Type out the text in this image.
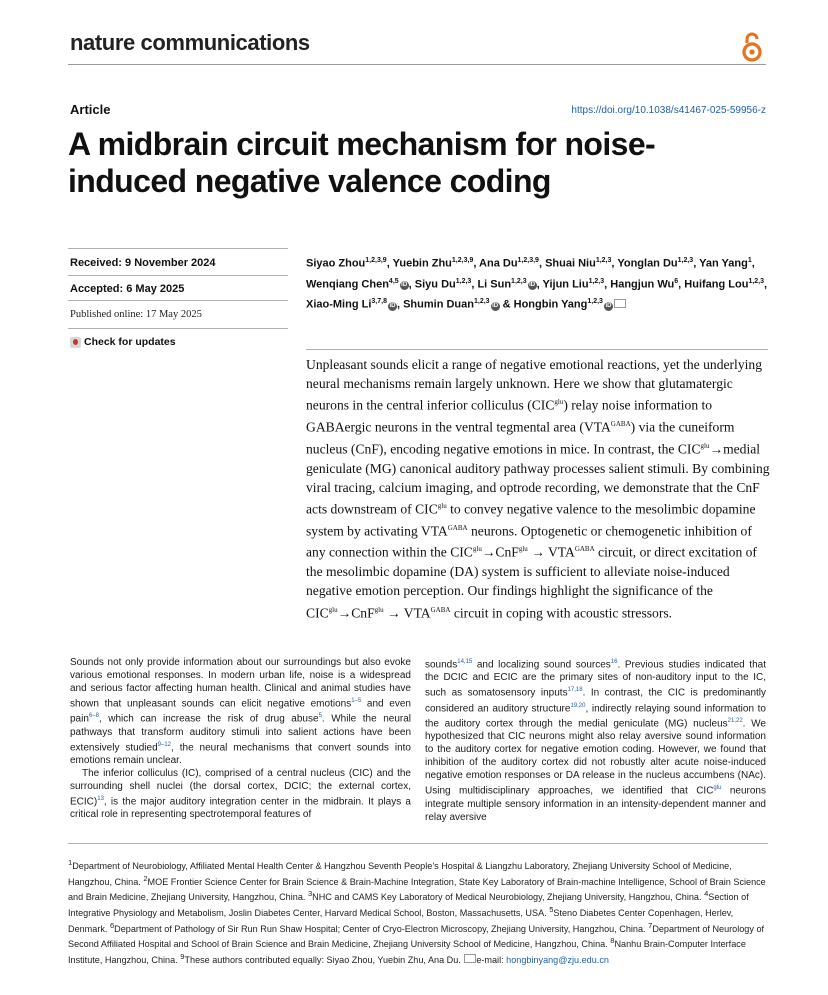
nature communications
Article	https://doi.org/10.1038/s41467-025-59956-z
A midbrain circuit mechanism for noise-induced negative valence coding
Received: 9 November 2024
Accepted: 6 May 2025
Published online: 17 May 2025
Check for updates
Siyao Zhou$^{1,2,3,9}$, Yuebin Zhu$^{1,2,3,9}$, Ana Du$^{1,2,3,9}$, Shuai Niu$^{1,2,3}$, Yonglan Du$^{1,2,3}$, Yan Yang$^1$, Wenqiang Chen$^{4,5}$iD , Siyu Du$^{1,2,3}$, Li Sun$^{1,2,3}$iD , Yijun Liu$^{1,2,3}$, Hangjun Wu$^6$, Huifang Lou$^{1,2,3}$, Xiao-Ming Li$^{3,7,8}$iD , Shumin Duan$^{1,2,3}$iD & Hongbin Yang$^{1,2,3}$iD
Unpleasant sounds elicit a range of negative emotional reactions, yet the underlying neural mechanisms remain largely unknown. Here we show that glutamatergic neurons in the central inferior colliculus $(CIC^{glu})$ relay noise information to GABAergic neurons in the ventral tegmental area $(VTA^{GABA})$ via the cuneiform nucleus (CnF), encoding negative emotions in mice. In contrast, the $CIC^{glu}\to medial$ geniculate (MG) canonical auditory pathway processes salient stimuli. By combining viral tracing, calcium imaging, and optrode recording, we demonstrate that the CnF acts downstream of $CIC^{glu}$ to convey negative valence to the mesolimbic dopamine system by activating $VTA^{GABA}$ neurons. Optogenetic or chemogenetic inhibition of any connection within the $CIC^{glu}\to CnF^{glu} \to VTA^{GABA}$ circuit, or direct excitation of the mesolimbic dopamine (DA) system is sufficient to alleviate noise-induced negative emotion perception. Our findings highlight the significance of the $CIC^{glu}\to CnF^{glu} \to VTA^{GABA}$ circuit in coping with acoustic stressors.

Sounds not only provide information about our surroundings but also evoke various emotional responses. In modern urban life, noise is a widespread and serious factor affecting human health. Clinical and animal studies have shown that unpleasant sounds can elicit negative emotions$^{1-5}$ and even pain$^{6-8}$, which can increase the risk of drug abuse$^5$. While the neural pathways that transform auditory stimuli into salient actions have been extensively studied$^{9-12}$, the neural mechanisms that convert sounds into emotions remain unclear.

The inferior colliculus (IC), comprised of a central nucleus (CIC) and the surrounding shell nuclei (the dorsal cortex, DCIC; the external cortex, ECIC)$^{13}$, is the major auditory integration center in the midbrain. It plays a critical role in representing spectrotemporal features of

sounds$^{14,15}$ and localizing sound sources$^{16}$. Previous studies indicated that the DCIC and ECIC are the primary sites of non-auditory input to the IC, such as somatosensory inputs$^{17,18}$. In contrast, the CIC is predominantly considered an auditory structure$^{19,20}$, indirectly relaying sound information to the auditory cortex through the medial geniculate (MG) nucleus$^{21,22}$. We hypothesized that CIC neurons might also relay aversive sound information to the auditory cortex for negative emotion coding. However, we found that inhibition of the auditory cortex did not robustly alter acute noise-induced negative emotion responses or DA release in the nucleus accumbens (NAc). Using multidisciplinary approaches, we identified that $CIC^{glu}$ neurons integrate multiple sensory information in an intensity-dependent manner and relay aversive

$^1$Department of Neurobiology, Affiliated Mental Health Center & Hangzhou Seventh People’s Hospital & Liangzhu Laboratory, Zhejiang University School of Medicine, Hangzhou, China. $^2$MOE Frontier Science Center for Brain Science & Brain-Machine Integration, State Key Laboratory of Brain-machine Intelligence, School of Brain Science and Brain Medicine, Zhejiang University, Hangzhou, China. $^3$NHC and CAMS Key Laboratory of Medical Neurobiology, Zhejiang University, Hangzhou, China. $^4$Section of Integrative Physiology and Metabolism, Joslin Diabetes Center, Harvard Medical School, Boston, Massachusetts, USA. $^5$Steno Diabetes Center Copenhagen, Herlev, Denmark. $^6$Department of Pathology of Sir Run Run Shaw Hospital; Center of Cryo-Electron Microscopy, Zhejiang University, Hangzhou, China. $^7$Department of Neurology of Second Affiliated Hospital and School of Brain Science and Brain Medicine, Zhejiang University School of Medicine, Hangzhou, China. $^8$Nanhu Brain-Computer Interface Institute, Hangzhou, China. $^9$These authors contributed equally: Siyao Zhou, Yuebin Zhu, Ana Du. e-mail: hongbinyang@zju.edu.cn
